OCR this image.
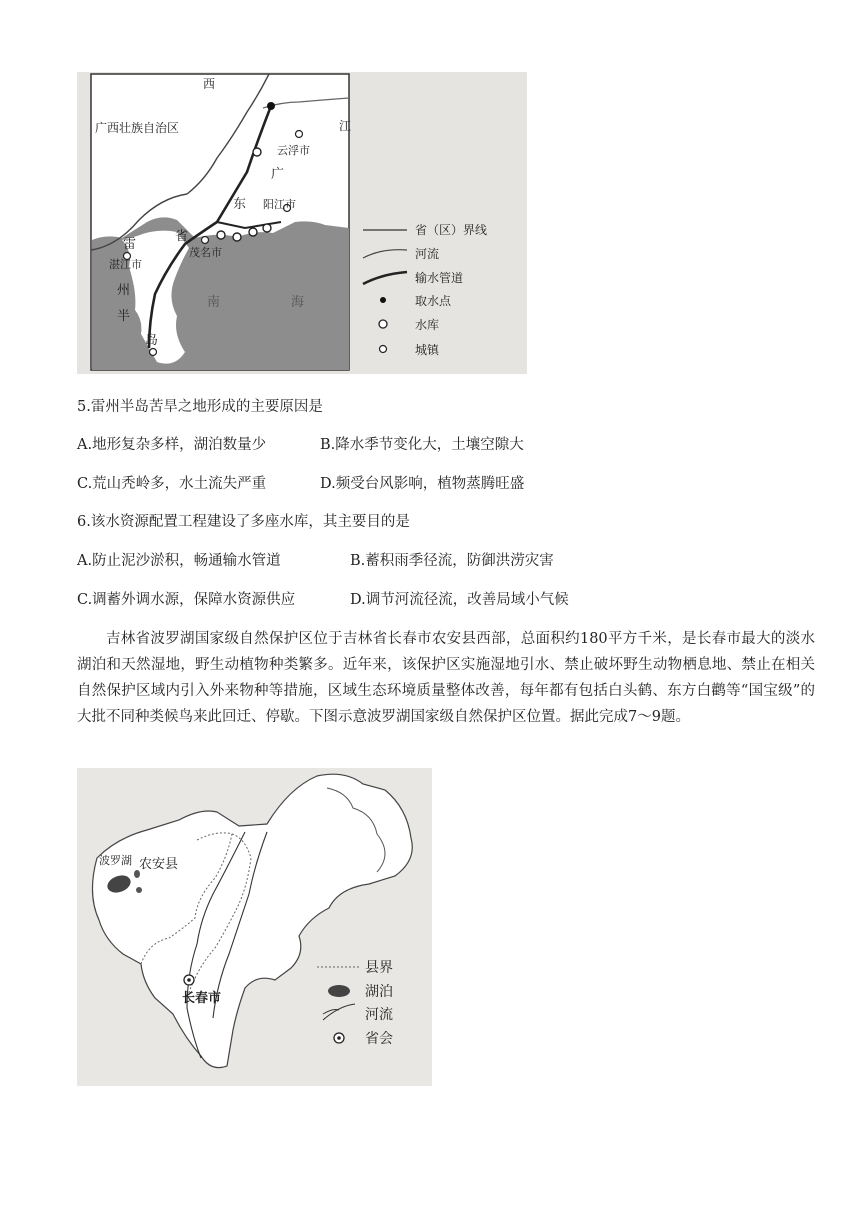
广西壮族自治区
西
江
广
东
省
雷
州
半
岛
南	海
云浮市
阳江市
湛江市
茂名市
省（区）界线
河流
输水管道
取水点
水库
城镇
5.雷州半岛苦旱之地形成的主要原因是
A.地形复杂多样，湖泊数量少	B.降水季节变化大，土壤空隙大
C.荒山秃岭多，水土流失严重	D.频受台风影响，植物蒸腾旺盛
6.该水资源配置工程建设了多座水库，其主要目的是
A.防止泥沙淤积，畅通输水管道	B.蓄积雨季径流，防御洪涝灾害
C.调蓄外调水源，保障水资源供应	D.调节河流径流，改善局域小气候
吉林省波罗湖国家级自然保护区位于吉林省长春市农安县西部，总面积约180平方千米，是长春市最大的淡水湖泊和天然湿地，野生动植物种类繁多。近年来，该保护区实施湿地引水、禁止破坏野生动物栖息地、禁止在相关自然保护区域内引入外来物种等措施，区域生态环境质量整体改善，每年都有包括白头鹤、东方白鹳等“国宝级”的大批不同种类候鸟来此回迁、停歇。下图示意波罗湖国家级自然保护区位置。据此完成7～9题。
农安县
波罗湖
长春市
县界
湖泊
河流
省会
